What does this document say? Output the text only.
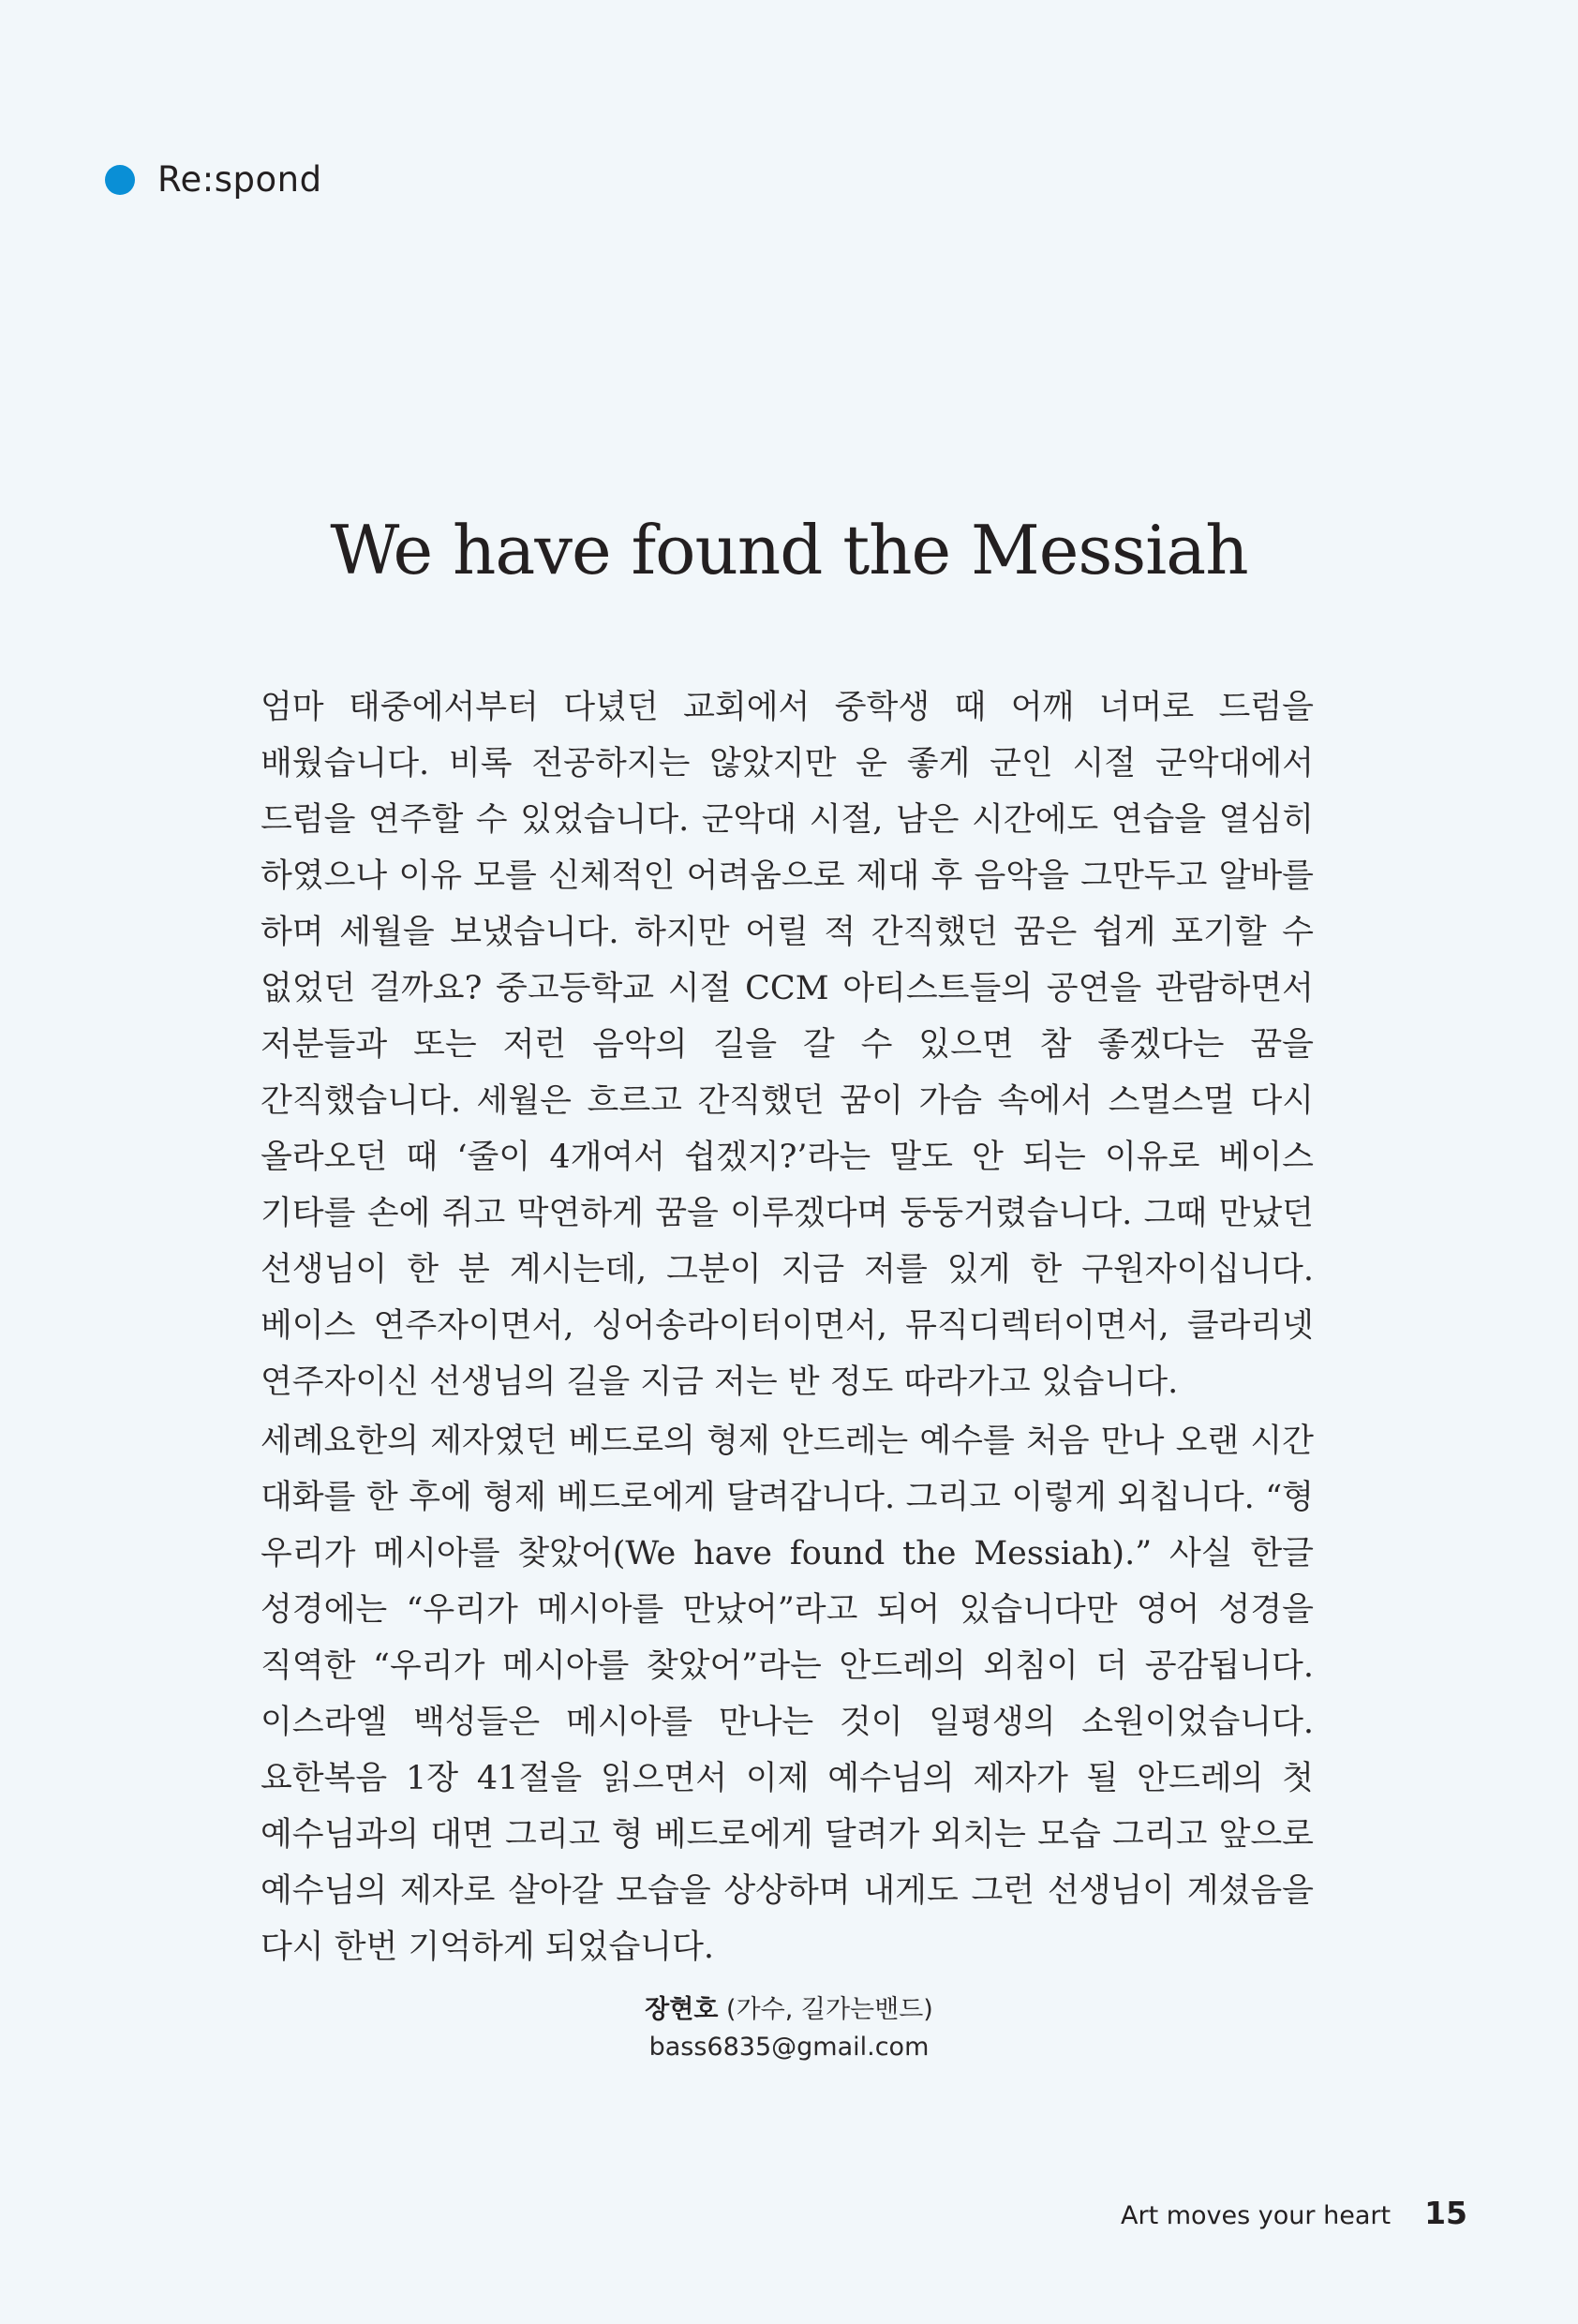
Re:spond
We have found the Messiah

엄마 태중에서부터 다녔던 교회에서 중학생 때 어깨 너머로 드럼을 배웠습니다. 비록 전공하지는 않았지만 운 좋게 군인 시절 군악대에서 드럼을 연주할 수 있었습니다. 군악대 시절, 남은 시간에도 연습을 열심히 하였으나 이유 모를 신체적인 어려움으로 제대 후 음악을 그만두고 알바를 하며 세월을 보냈습니다. 하지만 어릴 적 간직했던 꿈은 쉽게 포기할 수 없었던 걸까요? 중고등학교 시절 CCM 아티스트들의 공연을 관람하면서 저분들과 또는 저런 음악의 길을 갈 수 있으면 참 좋겠다는 꿈을 간직했습니다. 세월은 흐르고 간직했던 꿈이 가슴 속에서 스멀스멀 다시 올라오던 때 ‘줄이 4개여서 쉽겠지?’라는 말도 안 되는 이유로 베이스 기타를 손에 쥐고 막연하게 꿈을 이루겠다며 둥둥거렸습니다. 그때 만났던 선생님이 한 분 계시는데, 그분이 지금 저를 있게 한 구원자이십니다. 베이스 연주자이면서, 싱어송라이터이면서, 뮤직디렉터이면서, 클라리넷 연주자이신 선생님의 길을 지금 저는 반 정도 따라가고 있습니다.

세례요한의 제자였던 베드로의 형제 안드레는 예수를 처음 만나 오랜 시간 대화를 한 후에 형제 베드로에게 달려갑니다. 그리고 이렇게 외칩니다. “형 우리가 메시아를 찾았어(We have found the Messiah).” 사실 한글 성경에는 “우리가 메시아를 만났어”라고 되어 있습니다만 영어 성경을 직역한 “우리가 메시아를 찾았어”라는 안드레의 외침이 더 공감됩니다. 이스라엘 백성들은 메시아를 만나는 것이 일평생의 소원이었습니다. 요한복음 1장 41절을 읽으면서 이제 예수님의 제자가 될 안드레의 첫 예수님과의 대면 그리고 형 베드로에게 달려가 외치는 모습 그리고 앞으로 예수님의 제자로 살아갈 모습을 상상하며 내게도 그런 선생님이 계셨음을 다시 한번 기억하게 되었습니다.

장현호 (가수, 길가는밴드)
bass6835@gmail.com
Art moves your heart 15
